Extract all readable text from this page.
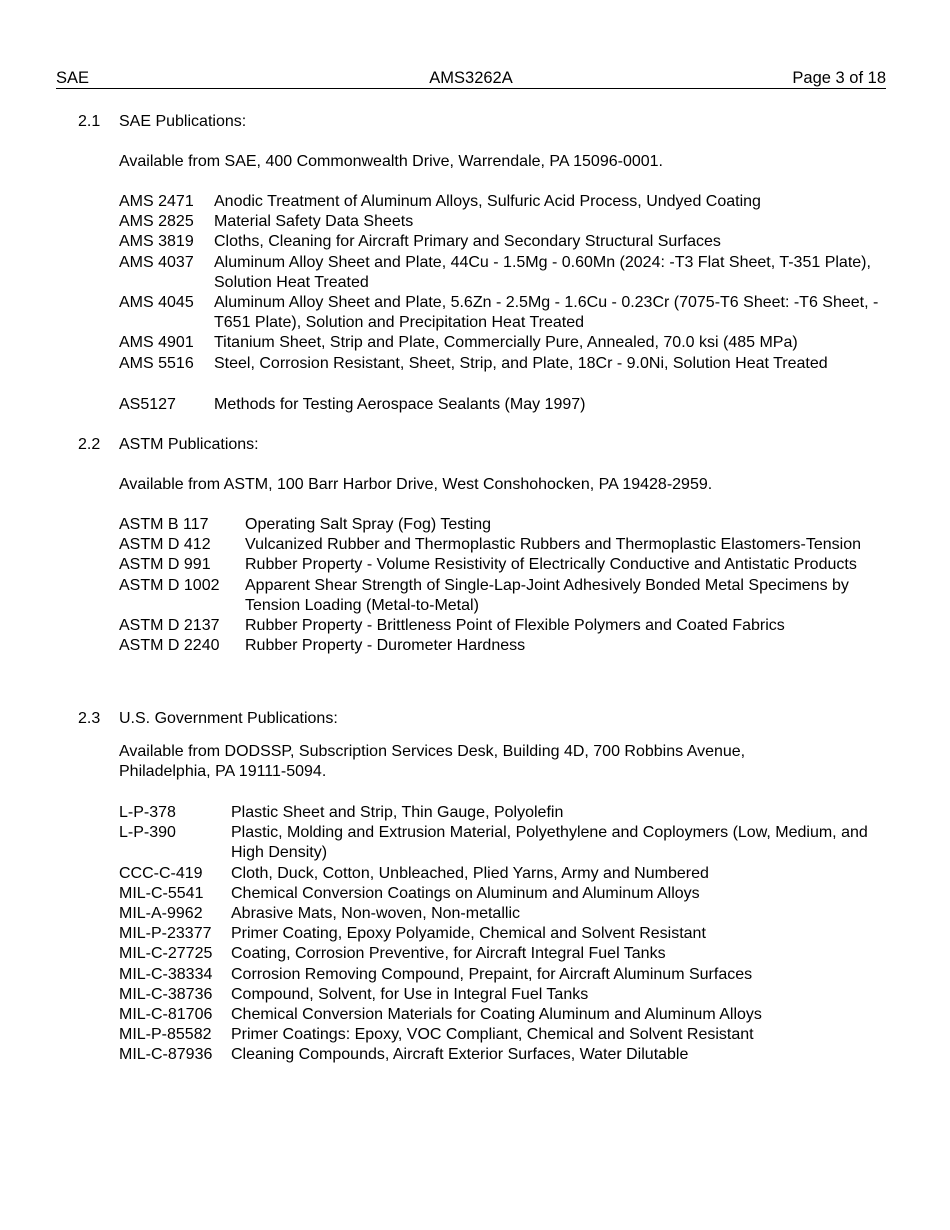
SAE	AMS3262A	Page 3 of 18
2.1 SAE Publications:
Available from SAE, 400 Commonwealth Drive, Warrendale, PA 15096-0001.
AMS 2471	Anodic Treatment of Aluminum Alloys, Sulfuric Acid Process, Undyed Coating
AMS 2825	Material Safety Data Sheets
AMS 3819	Cloths, Cleaning for Aircraft Primary and Secondary Structural Surfaces
AMS 4037	Aluminum Alloy Sheet and Plate, 44Cu - 1.5Mg - 0.60Mn (2024: -T3 Flat Sheet, T-351 Plate), Solution Heat Treated
AMS 4045	Aluminum Alloy Sheet and Plate, 5.6Zn - 2.5Mg - 1.6Cu - 0.23Cr (7075-T6 Sheet: -T6 Sheet, -T651 Plate), Solution and Precipitation Heat Treated
AMS 4901	Titanium Sheet, Strip and Plate, Commercially Pure, Annealed, 70.0 ksi (485 MPa)
AMS 5516	Steel, Corrosion Resistant, Sheet, Strip, and Plate, 18Cr - 9.0Ni, Solution Heat Treated
AS5127	Methods for Testing Aerospace Sealants (May 1997)
2.2 ASTM Publications:
Available from ASTM, 100 Barr Harbor Drive, West Conshohocken, PA 19428-2959.
ASTM B 117	Operating Salt Spray (Fog) Testing
ASTM D 412	Vulcanized Rubber and Thermoplastic Rubbers and Thermoplastic Elastomers-Tension
ASTM D 991	Rubber Property - Volume Resistivity of Electrically Conductive and Antistatic Products
ASTM D 1002	Apparent Shear Strength of Single-Lap-Joint Adhesively Bonded Metal Specimens by Tension Loading (Metal-to-Metal)
ASTM D 2137	Rubber Property - Brittleness Point of Flexible Polymers and Coated Fabrics
ASTM D 2240	Rubber Property - Durometer Hardness
2.3 U.S. Government Publications:
Available from DODSSP, Subscription Services Desk, Building 4D, 700 Robbins Avenue, Philadelphia, PA 19111-5094.
L-P-378	Plastic Sheet and Strip, Thin Gauge, Polyolefin
L-P-390	Plastic, Molding and Extrusion Material, Polyethylene and Coploymers (Low, Medium, and High Density)
CCC-C-419	Cloth, Duck, Cotton, Unbleached, Plied Yarns, Army and Numbered
MIL-C-5541	Chemical Conversion Coatings on Aluminum and Aluminum Alloys
MIL-A-9962	Abrasive Mats, Non-woven, Non-metallic
MIL-P-23377	Primer Coating, Epoxy Polyamide, Chemical and Solvent Resistant
MIL-C-27725	Coating, Corrosion Preventive, for Aircraft Integral Fuel Tanks
MIL-C-38334	Corrosion Removing Compound, Prepaint, for Aircraft Aluminum Surfaces
MIL-C-38736	Compound, Solvent, for Use in Integral Fuel Tanks
MIL-C-81706	Chemical Conversion Materials for Coating Aluminum and Aluminum Alloys
MIL-P-85582	Primer Coatings: Epoxy, VOC Compliant, Chemical and Solvent Resistant
MIL-C-87936	Cleaning Compounds, Aircraft Exterior Surfaces, Water Dilutable
